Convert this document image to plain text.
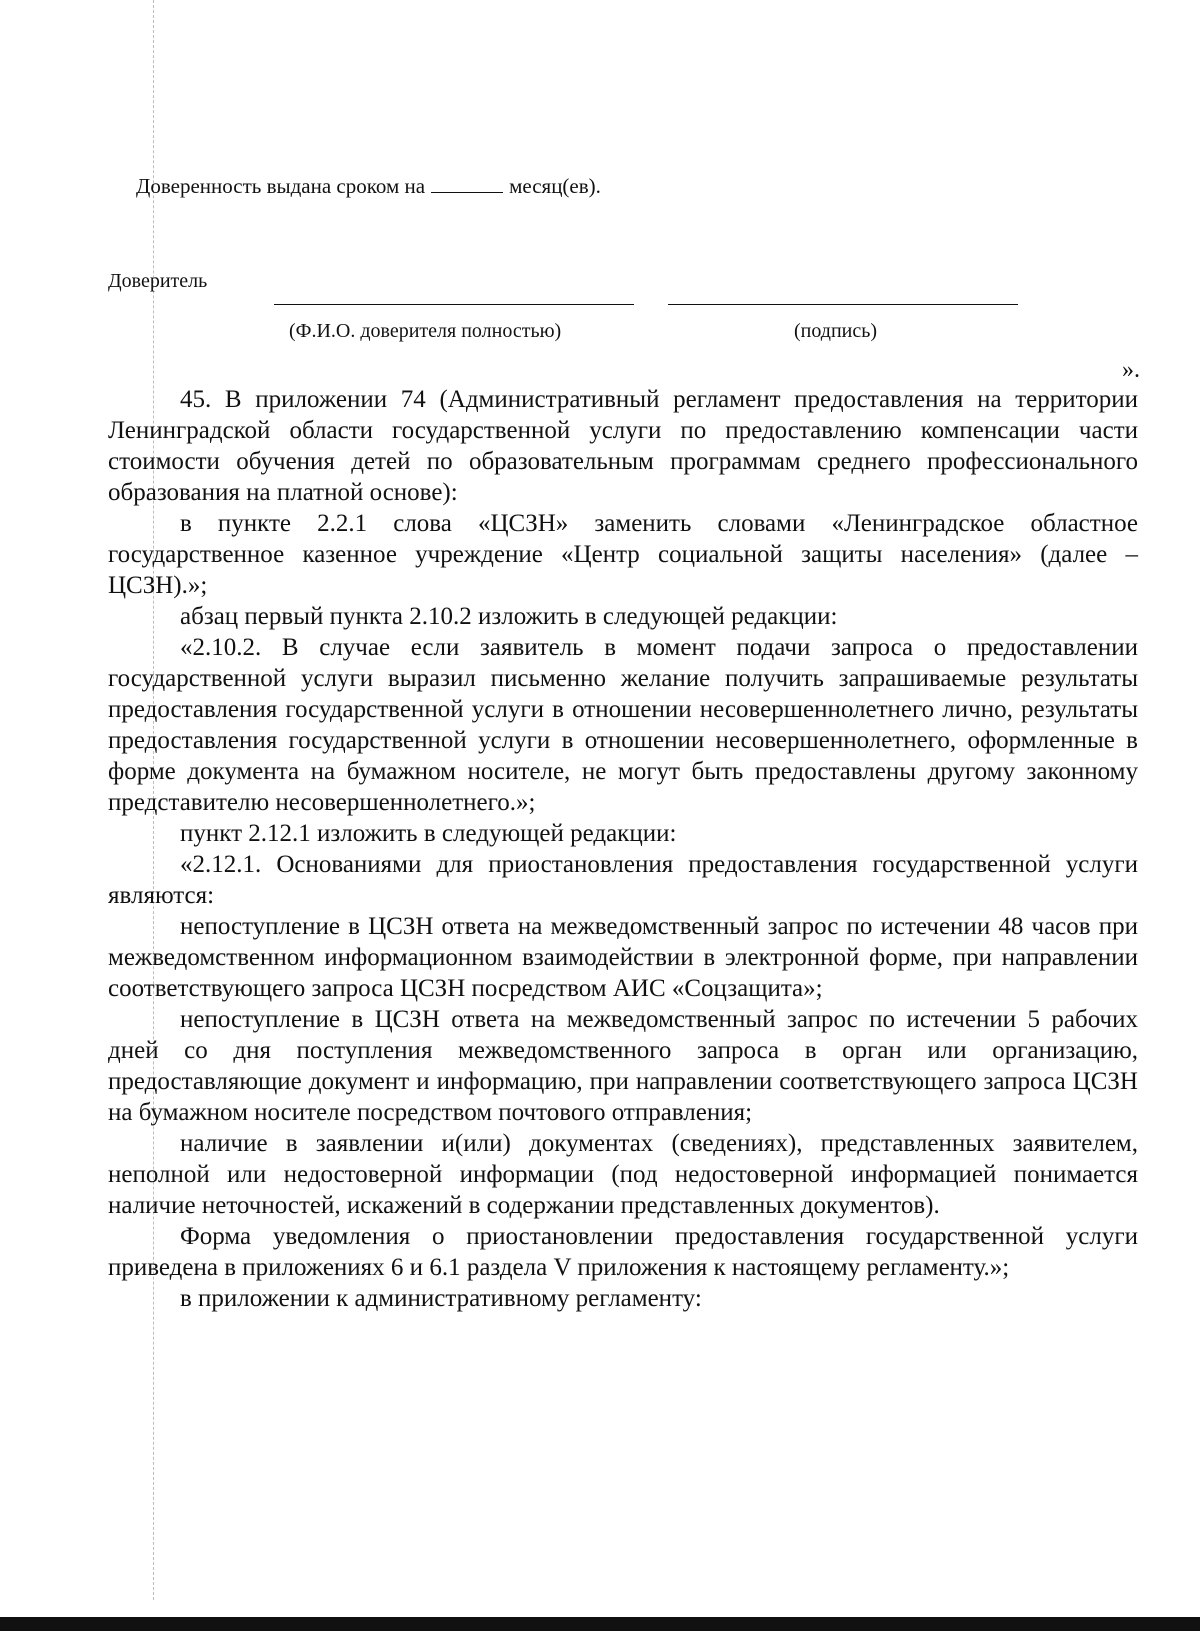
Доверенность выдана сроком на	месяц(ев).
Доверитель
(Ф.И.О. доверителя полностью)	(подпись)
».

45. В приложении 74 (Административный регламент предоставления на территории Ленинградской области государственной услуги по предоставлению компенсации части стоимости обучения детей по образовательным программам среднего профессионального образования на платной основе):

в пункте 2.2.1 слова «ЦСЗН» заменить словами «Ленинградское областное государственное казенное учреждение «Центр социальной защиты населения» (далее – ЦСЗН).»;

абзац первый пункта 2.10.2 изложить в следующей редакции:

«2.10.2. В случае если заявитель в момент подачи запроса о предоставлении государственной услуги выразил письменно желание получить запрашиваемые результаты предоставления государственной услуги в отношении несовершеннолетнего лично, результаты предоставления государственной услуги в отношении несовершеннолетнего, оформленные в форме документа на бумажном носителе, не могут быть предоставлены другому законному представителю несовершеннолетнего.»;

пункт 2.12.1 изложить в следующей редакции:

«2.12.1. Основаниями для приостановления предоставления государственной услуги являются:

непоступление в ЦСЗН ответа на межведомственный запрос по истечении 48 часов при межведомственном информационном взаимодействии в электронной форме, при направлении соответствующего запроса ЦСЗН посредством АИС «Соцзащита»;

непоступление в ЦСЗН ответа на межведомственный запрос по истечении 5 рабочих дней со дня поступления межведомственного запроса в орган или организацию, предоставляющие документ и информацию, при направлении соответствующего запроса ЦСЗН на бумажном носителе посредством почтового отправления;

наличие в заявлении и(или) документах (сведениях), представленных заявителем, неполной или недостоверной информации (под недостоверной информацией понимается наличие неточностей, искажений в содержании представленных документов).

Форма уведомления о приостановлении предоставления государственной услуги приведена в приложениях 6 и 6.1 раздела V приложения к настоящему регламенту.»;

в приложении к административному регламенту:
